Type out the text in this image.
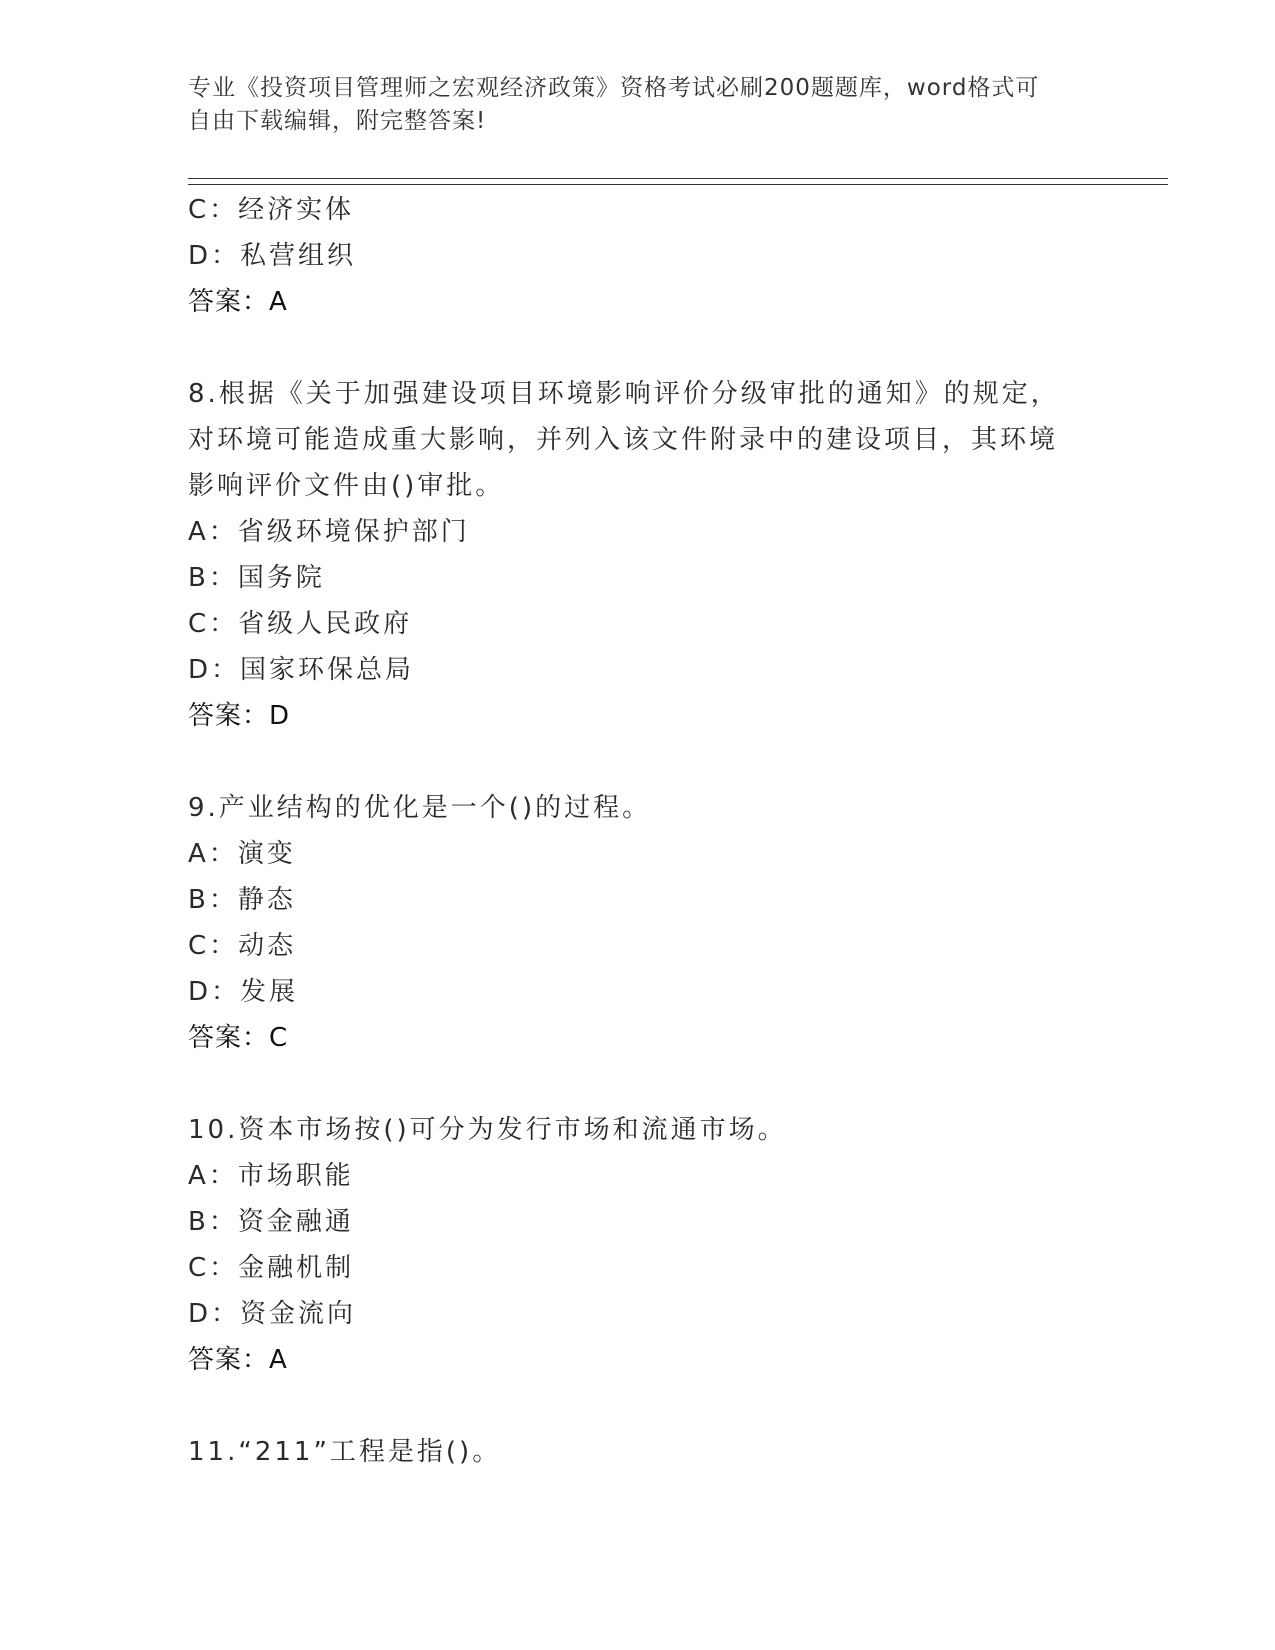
专业《投资项目管理师之宏观经济政策》资格考试必刷200题题库，word格式可
自由下载编辑，附完整答案!
C：经济实体
D：私营组织
答案：A
8.根据《关于加强建设项目环境影响评价分级审批的通知》的规定，
对环境可能造成重大影响，并列入该文件附录中的建设项目，其环境
影响评价文件由()审批。
A：省级环境保护部门
B：国务院
C：省级人民政府
D：国家环保总局
答案：D
9.产业结构的优化是一个()的过程。
A：演变
B：静态
C：动态
D：发展
答案：C
10.资本市场按()可分为发行市场和流通市场。
A：市场职能
B：资金融通
C：金融机制
D：资金流向
答案：A
11.“211”工程是指()。
